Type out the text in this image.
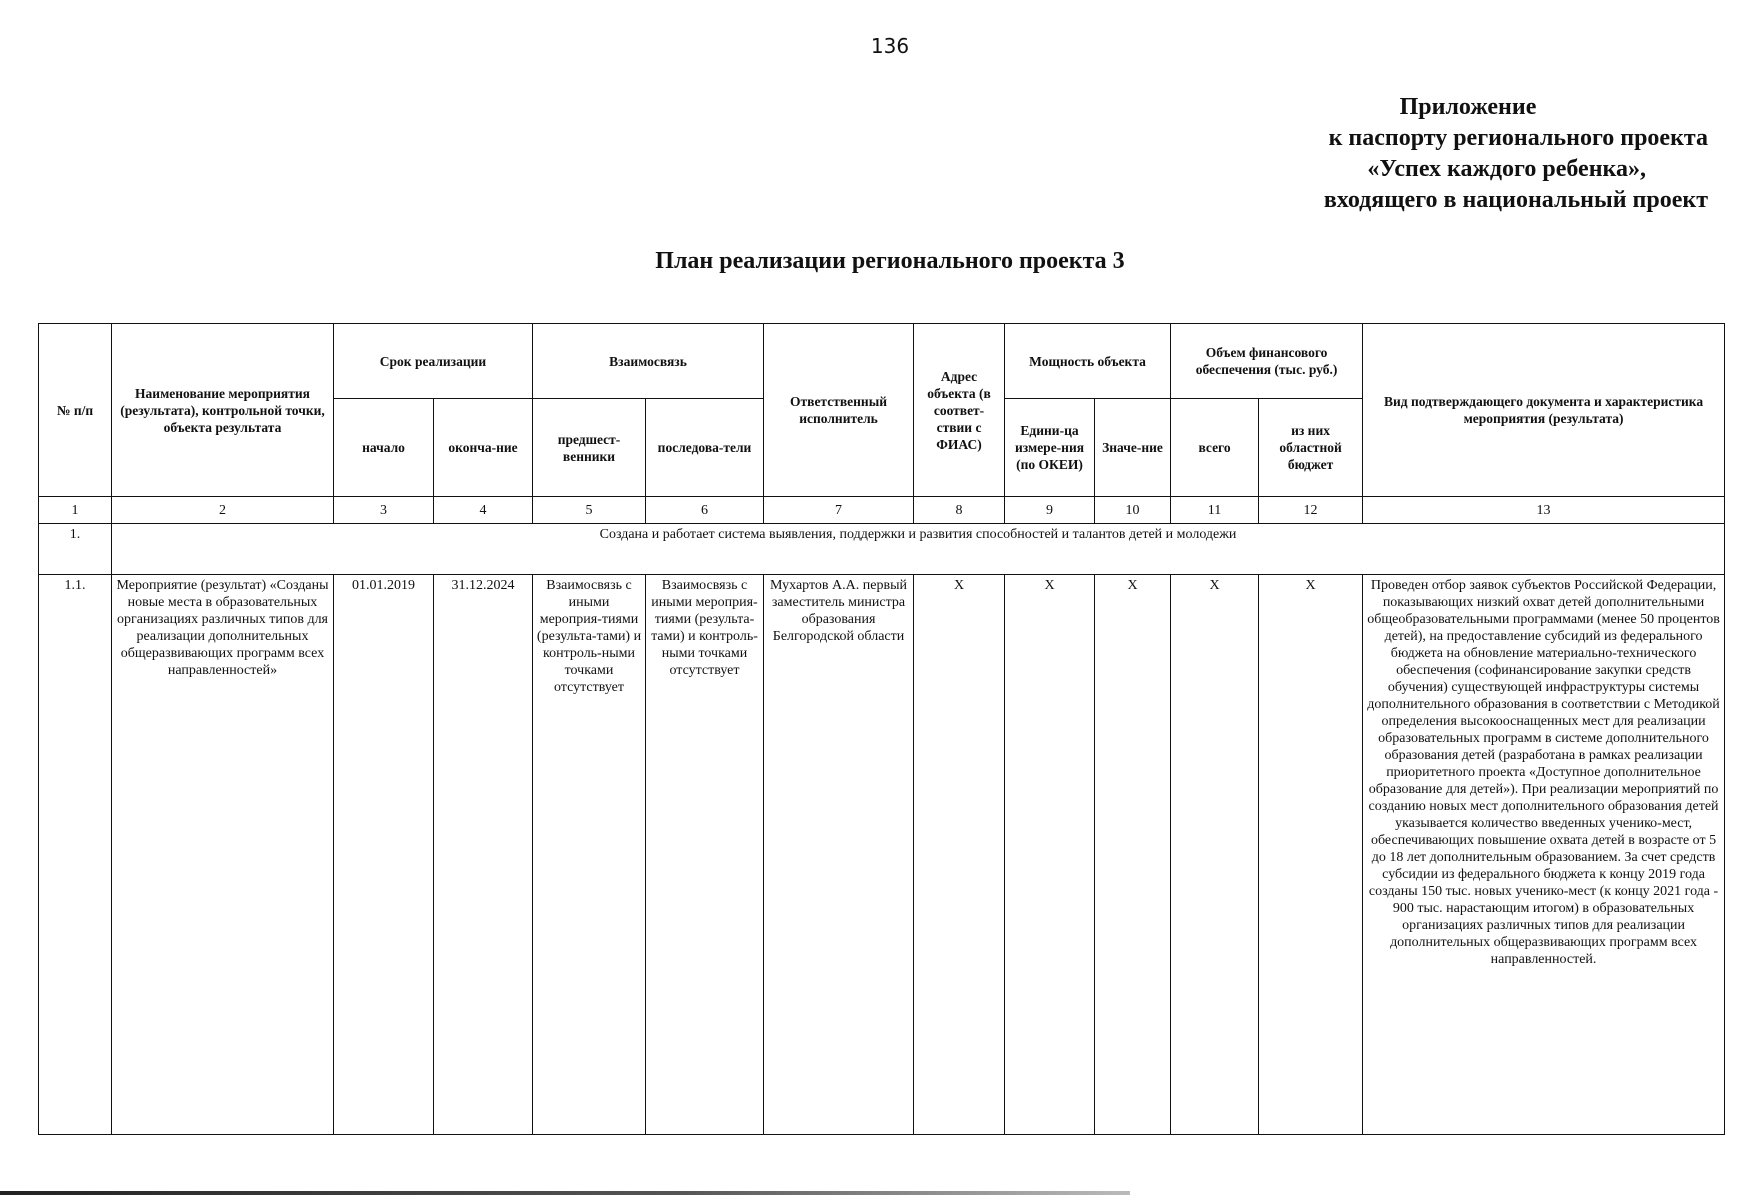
136
Приложение
к паспорту регионального проекта
«Успех каждого ребенка»,
входящего в национальный проект
План реализации регионального проекта 3
№ п/п	Наименование мероприятия (результата), контрольной точки, объекта результата	Срок реализации		Взаимосвязь		Ответственный исполнитель	Адрес объекта (в соответ-ствии с ФИАС)	Мощность объекта		Объем финансового обеспечения (тыс. руб.)		Вид подтверждающего документа и характеристика мероприятия (результата)
		начало	оконча-ние	предшест-венники	последова-тели			Едини-ца измере-ния (по ОКЕИ)	Значе-ние	всего	из них областной бюджет	
1	2	3	4	5	6	7	8	9	10	11	12	13
1.	Создана и работает система выявления, поддержки и развития способностей и талантов детей и молодежи											
1.1.	Мероприятие (результат) «Созданы новые места в образовательных организациях различных типов для реализации дополнительных общеразвивающих программ всех направленностей»	01.01.2019	31.12.2024	Взаимосвязь с иными мероприя-тиями (результа-тами) и контроль-ными точками отсутствует	Взаимосвязь с иными мероприя-тиями (результа-тами) и контроль-ными точками отсутствует	Мухартов А.А. первый заместитель министра образования Белгородской области	Х	Х	Х	Х	Х	Проведен отбор заявок субъектов Российской Федерации, показывающих низкий охват детей дополнительными общеобразовательными программами (менее 50 процентов детей), на предоставление субсидий из федерального бюджета на обновление материально-технического обеспечения (софинансирование закупки средств обучения) существующей инфраструктуры системы дополнительного образования в соответствии с Методикой определения высокооснащенных мест для реализации образовательных программ в системе дополнительного образования детей (разработана в рамках реализации приоритетного проекта «Доступное дополнительное образование для детей»). При реализации мероприятий по созданию новых мест дополнительного образования детей указывается количество введенных ученико-мест, обеспечивающих повышение охвата детей в возрасте от 5 до 18 лет дополнительным образованием. За счет средств субсидии из федерального бюджета к концу 2019 года созданы 150 тыс. новых ученико-мест (к концу 2021 года - 900 тыс. нарастающим итогом) в образовательных организациях различных типов для реализации дополнительных общеразвивающих программ всех направленностей.
